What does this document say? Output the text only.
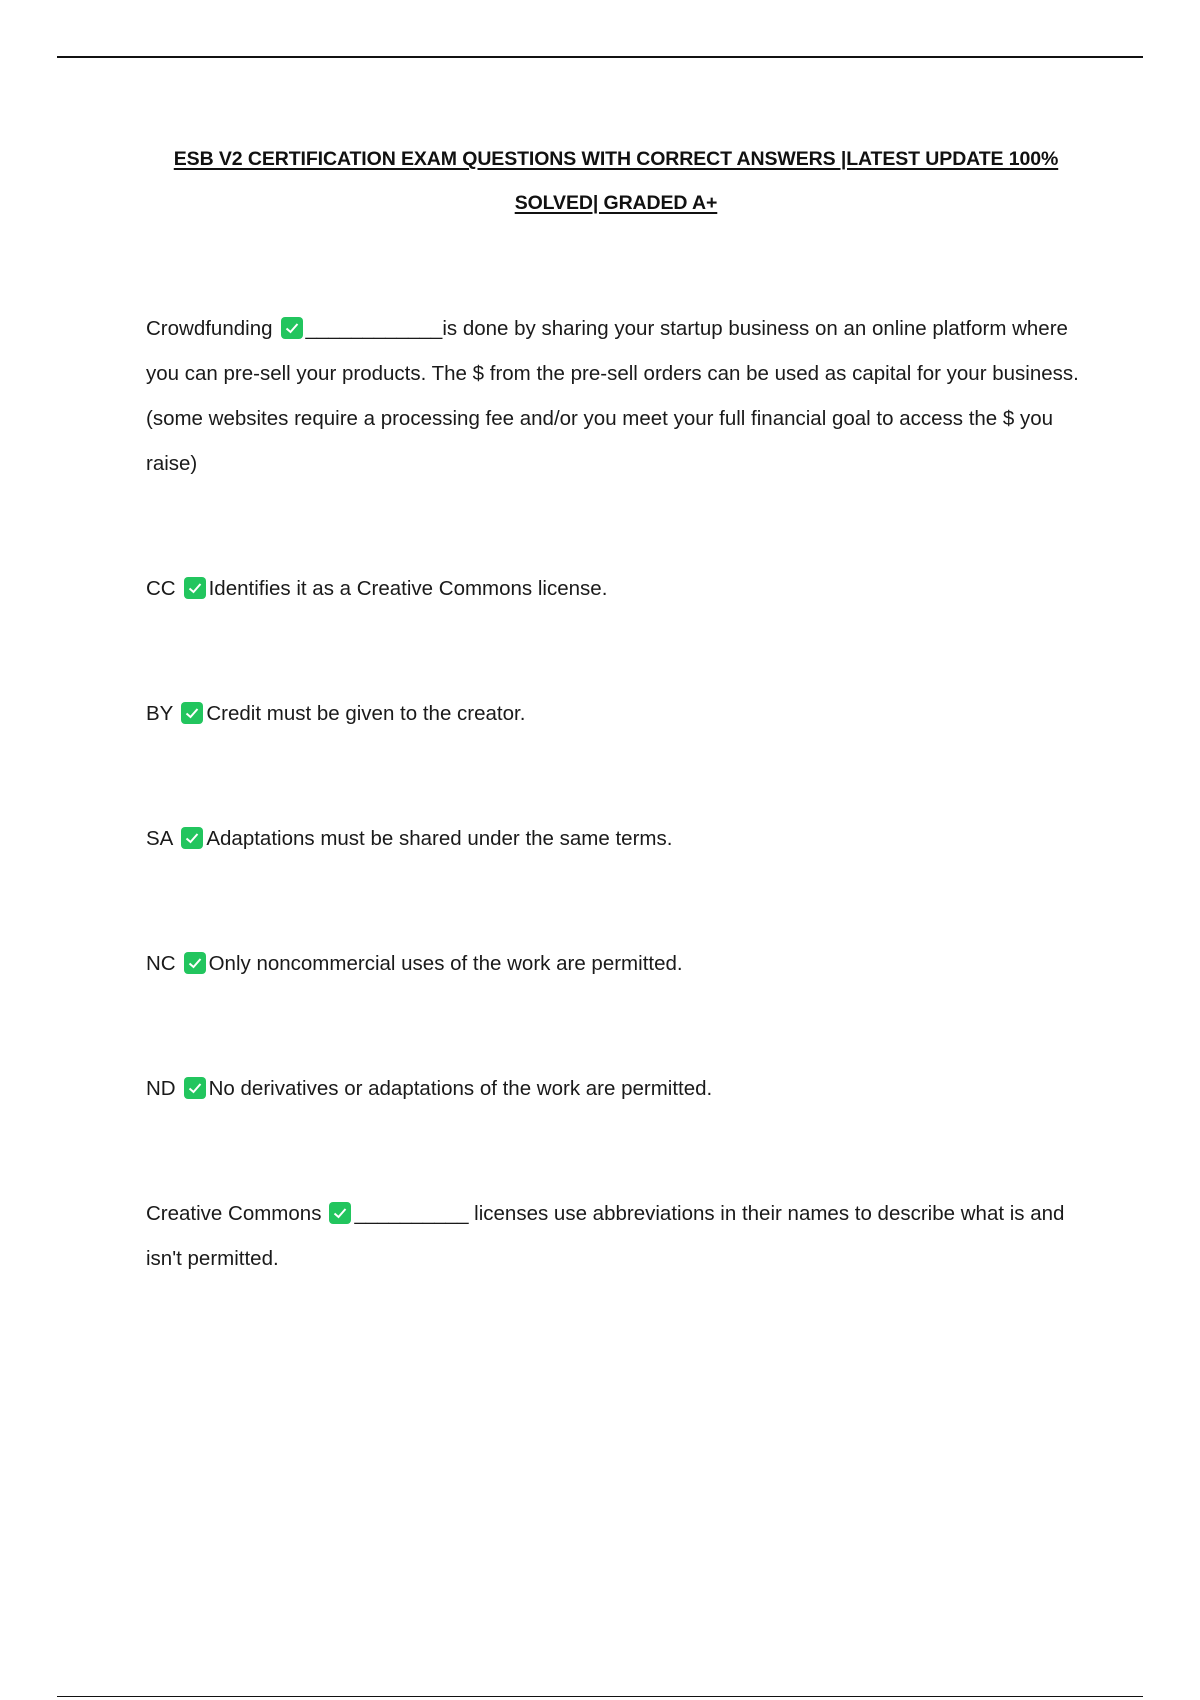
ESB V2 CERTIFICATION EXAM QUESTIONS WITH CORRECT ANSWERS |LATEST UPDATE 100%
SOLVED| GRADED A+
Crowdfunding ____________is done by sharing your startup business on an online platform where you can pre-sell your products. The $ from the pre-sell orders can be used as capital for your business. (some websites require a processing fee and/or you meet your full financial goal to access the $ you raise)
CC Identifies it as a Creative Commons license.
BY Credit must be given to the creator.
SA Adaptations must be shared under the same terms.
NC Only noncommercial uses of the work are permitted.
ND No derivatives or adaptations of the work are permitted.
Creative Commons __________ licenses use abbreviations in their names to describe what is and isn't permitted.
